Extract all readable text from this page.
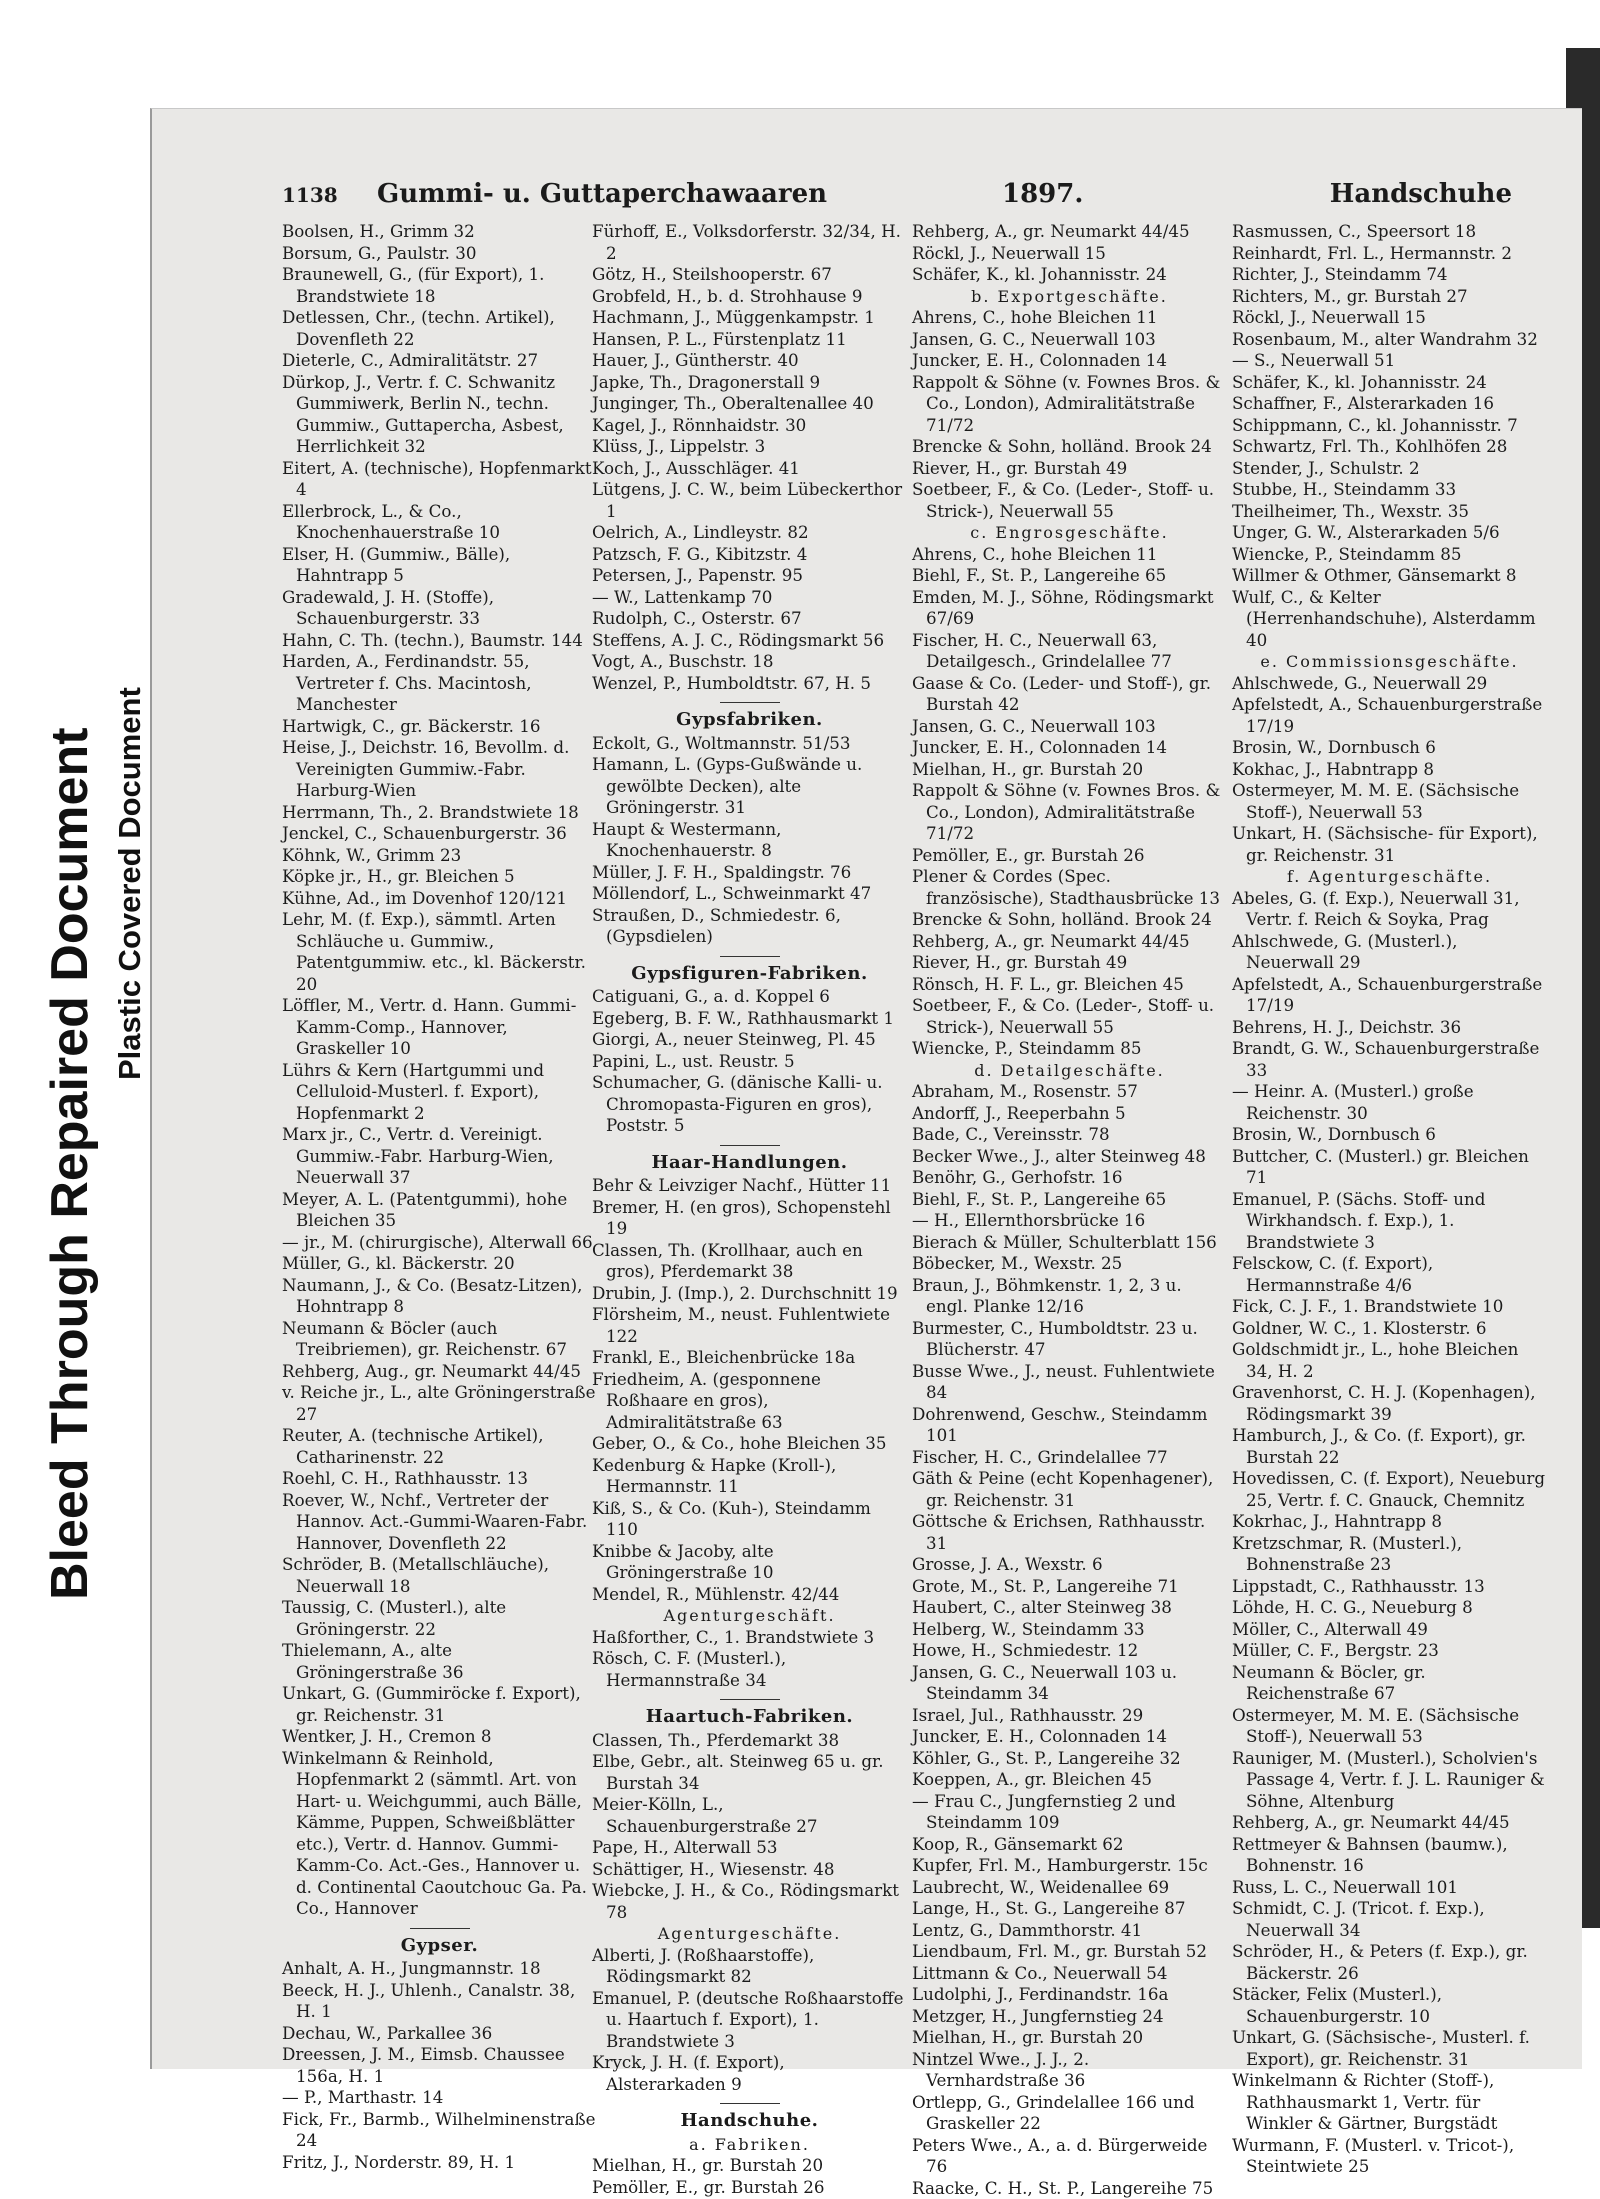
Bleed Through Repaired Document Plastic Covered Document
1138 Gummi- u. Guttaperchawaaren	1897.	Handschuhe
Boolsen, H., Grimm 32
Borsum, G., Paulstr. 30
Braunewell, G., (für Export), 1. Brandstwiete 18
Detlessen, Chr., (techn. Artikel), Dovenfleth 22
Dieterle, C., Admiralitätstr. 27
Dürkop, J., Vertr. f. C. Schwanitz Gummiwerk, Berlin N., techn. Gummiw., Guttapercha, Asbest, Herrlichkeit 32
Eitert, A. (technische), Hopfenmarkt 4
Ellerbrock, L., & Co., Knochenhauerstraße 10
Elser, H. (Gummiw., Bälle), Hahntrapp 5
Gradewald, J. H. (Stoffe), Schauenburgerstr. 33
Hahn, C. Th. (techn.), Baumstr. 144
Harden, A., Ferdinandstr. 55, Vertreter f. Chs. Macintosh, Manchester
Hartwigk, C., gr. Bäckerstr. 16
Heise, J., Deichstr. 16, Bevollm. d. Vereinigten Gummiw.-Fabr. Harburg-Wien
Herrmann, Th., 2. Brandstwiete 18
Jenckel, C., Schauenburgerstr. 36
Köhnk, W., Grimm 23
Köpke jr., H., gr. Bleichen 5
Kühne, Ad., im Dovenhof 120/121
Lehr, M. (f. Exp.), sämmtl. Arten Schläuche u. Gummiw., Patentgummiw. etc., kl. Bäckerstr. 20
Löffler, M., Vertr. d. Hann. Gummi-Kamm-Comp., Hannover, Graskeller 10
Lührs & Kern (Hartgummi und Celluloid-Musterl. f. Export), Hopfenmarkt 2
Marx jr., C., Vertr. d. Vereinigt. Gummiw.-Fabr. Harburg-Wien, Neuerwall 37
Meyer, A. L. (Patentgummi), hohe Bleichen 35
— jr., M. (chirurgische), Alterwall 66
Müller, G., kl. Bäckerstr. 20
Naumann, J., & Co. (Besatz-Litzen), Hohntrapp 8
Neumann & Böcler (auch Treibriemen), gr. Reichenstr. 67
Rehberg, Aug., gr. Neumarkt 44/45
v. Reiche jr., L., alte Gröningerstraße 27
Reuter, A. (technische Artikel), Catharinenstr. 22
Roehl, C. H., Rathhausstr. 13
Roever, W., Nchf., Vertreter der Hannov. Act.-Gummi-Waaren-Fabr. Hannover, Dovenfleth 22
Schröder, B. (Metallschläuche), Neuerwall 18
Taussig, C. (Musterl.), alte Gröningerstr. 22
Thielemann, A., alte Gröningerstraße 36
Unkart, G. (Gummiröcke f. Export), gr. Reichenstr. 31
Wentker, J. H., Cremon 8
Winkelmann & Reinhold, Hopfenmarkt 2 (sämmtl. Art. von Hart- u. Weichgummi, auch Bälle, Kämme, Puppen, Schweißblätter etc.), Vertr. d. Hannov. Gummi-Kamm-Co. Act.-Ges., Hannover u. d. Continental Caoutchouc Ga. Pa. Co., Hannover
Gypser.
Anhalt, A. H., Jungmannstr. 18
Beeck, H. J., Uhlenh., Canalstr. 38, H. 1
Dechau, W., Parkallee 36
Dreessen, J. M., Eimsb. Chaussee 156a, H. 1
— P., Marthastr. 14
Fick, Fr., Barmb., Wilhelminenstraße 24
Fritz, J., Norderstr. 89, H. 1
Fürhoff, E., Volksdorferstr. 32/34, H. 2
Götz, H., Steilshooperstr. 67
Grobfeld, H., b. d. Strohhause 9
Hachmann, J., Müggenkampstr. 1
Hansen, P. L., Fürstenplatz 11
Hauer, J., Güntherstr. 40
Japke, Th., Dragonerstall 9
Junginger, Th., Oberaltenallee 40
Kagel, J., Rönnhaidstr. 30
Klüss, J., Lippelstr. 3
Koch, J., Ausschläger. 41
Lütgens, J. C. W., beim Lübeckerthor 1
Oelrich, A., Lindleystr. 82
Patzsch, F. G., Kibitzstr. 4
Petersen, J., Papenstr. 95
— W., Lattenkamp 70
Rudolph, C., Osterstr. 67
Steffens, A. J. C., Rödingsmarkt 56
Vogt, A., Buschstr. 18
Wenzel, P., Humboldtstr. 67, H. 5
Gypsfabriken.
Eckolt, G., Woltmannstr. 51/53
Hamann, L. (Gyps-Gußwände u. gewölbte Decken), alte Gröningerstr. 31
Haupt & Westermann, Knochenhauerstr. 8
Müller, J. F. H., Spaldingstr. 76
Möllendorf, L., Schweinmarkt 47
Straußen, D., Schmiedestr. 6, (Gypsdielen)
Gypsfiguren-Fabriken.
Catiguani, G., a. d. Koppel 6
Egeberg, B. F. W., Rathhausmarkt 1
Giorgi, A., neuer Steinweg, Pl. 45
Papini, L., ust. Reustr. 5
Schumacher, G. (dänische Kalli- u. Chromopasta-Figuren en gros), Poststr. 5
Haar-Handlungen.
Behr & Leivziger Nachf., Hütter 11
Bremer, H. (en gros), Schopenstehl 19
Classen, Th. (Krollhaar, auch en gros), Pferdemarkt 38
Drubin, J. (Imp.), 2. Durchschnitt 19
Flörsheim, M., neust. Fuhlentwiete 122
Frankl, E., Bleichenbrücke 18a
Friedheim, A. (gesponnene Roßhaare en gros), Admiralitätstraße 63
Geber, O., & Co., hohe Bleichen 35
Kedenburg & Hapke (Kroll-), Hermannstr. 11
Kiß, S., & Co. (Kuh-), Steindamm 110
Knibbe & Jacoby, alte Gröningerstraße 10
Mendel, R., Mühlenstr. 42/44
Agenturgeschäft.
Haßforther, C., 1. Brandstwiete 3
Rösch, C. F. (Musterl.), Hermannstraße 34
Haartuch-Fabriken.
Classen, Th., Pferdemarkt 38
Elbe, Gebr., alt. Steinweg 65 u. gr. Burstah 34
Meier-Kölln, L., Schauenburgerstraße 27
Pape, H., Alterwall 53
Schättiger, H., Wiesenstr. 48
Wiebcke, J. H., & Co., Rödingsmarkt 78
Agenturgeschäfte.
Alberti, J. (Roßhaarstoffe), Rödingsmarkt 82
Emanuel, P. (deutsche Roßhaarstoffe u. Haartuch f. Export), 1. Brandstwiete 3
Kryck, J. H. (f. Export), Alsterarkaden 9
Handschuhe.
a. Fabriken.
Mielhan, H., gr. Burstah 20
Pemöller, E., gr. Burstah 26
Rehberg, A., gr. Neumarkt 44/45
Röckl, J., Neuerwall 15
Schäfer, K., kl. Johannisstr. 24
b. Exportgeschäfte.
Ahrens, C., hohe Bleichen 11
Jansen, G. C., Neuerwall 103
Juncker, E. H., Colonnaden 14
Rappolt & Söhne (v. Fownes Bros. & Co., London), Admiralitätstraße 71/72
Brencke & Sohn, holländ. Brook 24
Riever, H., gr. Burstah 49
Soetbeer, F., & Co. (Leder-, Stoff- u. Strick-), Neuerwall 55
c. Engrosgeschäfte.
Ahrens, C., hohe Bleichen 11
Biehl, F., St. P., Langereihe 65
Emden, M. J., Söhne, Rödingsmarkt 67/69
Fischer, H. C., Neuerwall 63, Detailgesch., Grindelallee 77
Gaase & Co. (Leder- und Stoff-), gr. Burstah 42
Jansen, G. C., Neuerwall 103
Juncker, E. H., Colonnaden 14
Mielhan, H., gr. Burstah 20
Rappolt & Söhne (v. Fownes Bros. & Co., London), Admiralitätstraße 71/72
Pemöller, E., gr. Burstah 26
Plener & Cordes (Spec. französische), Stadthausbrücke 13
Brencke & Sohn, holländ. Brook 24
Rehberg, A., gr. Neumarkt 44/45
Riever, H., gr. Burstah 49
Rönsch, H. F. L., gr. Bleichen 45
Soetbeer, F., & Co. (Leder-, Stoff- u. Strick-), Neuerwall 55
Wiencke, P., Steindamm 85
d. Detailgeschäfte.
Abraham, M., Rosenstr. 57
Andorff, J., Reeperbahn 5
Bade, C., Vereinsstr. 78
Becker Wwe., J., alter Steinweg 48
Benöhr, G., Gerhofstr. 16
Biehl, F., St. P., Langereihe 65
— H., Ellernthorsbrücke 16
Bierach & Müller, Schulterblatt 156
Böbecker, M., Wexstr. 25
Braun, J., Böhmkenstr. 1, 2, 3 u. engl. Planke 12/16
Burmester, C., Humboldtstr. 23 u. Blücherstr. 47
Busse Wwe., J., neust. Fuhlentwiete 84
Dohrenwend, Geschw., Steindamm 101
Fischer, H. C., Grindelallee 77
Gäth & Peine (echt Kopenhagener), gr. Reichenstr. 31
Göttsche & Erichsen, Rathhausstr. 31
Grosse, J. A., Wexstr. 6
Grote, M., St. P., Langereihe 71
Haubert, C., alter Steinweg 38
Helberg, W., Steindamm 33
Howe, H., Schmiedestr. 12
Jansen, G. C., Neuerwall 103 u. Steindamm 34
Israel, Jul., Rathhausstr. 29
Juncker, E. H., Colonnaden 14
Köhler, G., St. P., Langereihe 32
Koeppen, A., gr. Bleichen 45
— Frau C., Jungfernstieg 2 und Steindamm 109
Koop, R., Gänsemarkt 62
Kupfer, Frl. M., Hamburgerstr. 15c
Laubrecht, W., Weidenallee 69
Lange, H., St. G., Langereihe 87
Lentz, G., Dammthorstr. 41
Liendbaum, Frl. M., gr. Burstah 52
Littmann & Co., Neuerwall 54
Ludolphi, J., Ferdinandstr. 16a
Metzger, H., Jungfernstieg 24
Mielhan, H., gr. Burstah 20
Nintzel Wwe., J. J., 2. Vernhardstraße 36
Ortlepp, G., Grindelallee 166 und Graskeller 22
Peters Wwe., A., a. d. Bürgerweide 76
Raacke, C. H., St. P., Langereihe 75
Rasmussen, C., Speersort 18
Reinhardt, Frl. L., Hermannstr. 2
Richter, J., Steindamm 74
Richters, M., gr. Burstah 27
Röckl, J., Neuerwall 15
Rosenbaum, M., alter Wandrahm 32
— S., Neuerwall 51
Schäfer, K., kl. Johannisstr. 24
Schaffner, F., Alsterarkaden 16
Schippmann, C., kl. Johannisstr. 7
Schwartz, Frl. Th., Kohlhöfen 28
Stender, J., Schulstr. 2
Stubbe, H., Steindamm 33
Theilheimer, Th., Wexstr. 35
Unger, G. W., Alsterarkaden 5/6
Wiencke, P., Steindamm 85
Willmer & Othmer, Gänsemarkt 8
Wulf, C., & Kelter (Herrenhandschuhe), Alsterdamm 40
e. Commissionsgeschäfte.
Ahlschwede, G., Neuerwall 29
Apfelstedt, A., Schauenburgerstraße 17/19
Brosin, W., Dornbusch 6
Kokhac, J., Habntrapp 8
Ostermeyer, M. M. E. (Sächsische Stoff-), Neuerwall 53
Unkart, H. (Sächsische- für Export), gr. Reichenstr. 31
f. Agenturgeschäfte.
Abeles, G. (f. Exp.), Neuerwall 31, Vertr. f. Reich & Soyka, Prag
Ahlschwede, G. (Musterl.), Neuerwall 29
Apfelstedt, A., Schauenburgerstraße 17/19
Behrens, H. J., Deichstr. 36
Brandt, G. W., Schauenburgerstraße 33
— Heinr. A. (Musterl.) große Reichenstr. 30
Brosin, W., Dornbusch 6
Buttcher, C. (Musterl.) gr. Bleichen 71
Emanuel, P. (Sächs. Stoff- und Wirkhandsch. f. Exp.), 1. Brandstwiete 3
Felsckow, C. (f. Export), Hermannstraße 4/6
Fick, C. J. F., 1. Brandstwiete 10
Goldner, W. C., 1. Klosterstr. 6
Goldschmidt jr., L., hohe Bleichen 34, H. 2
Gravenhorst, C. H. J. (Kopenhagen), Rödingsmarkt 39
Hamburch, J., & Co. (f. Export), gr. Burstah 22
Hovedissen, C. (f. Export), Neueburg 25, Vertr. f. C. Gnauck, Chemnitz
Kokrhac, J., Hahntrapp 8
Kretzschmar, R. (Musterl.), Bohnenstraße 23
Lippstadt, C., Rathhausstr. 13
Löhde, H. C. G., Neueburg 8
Möller, C., Alterwall 49
Müller, C. F., Bergstr. 23
Neumann & Böcler, gr. Reichenstraße 67
Ostermeyer, M. M. E. (Sächsische Stoff-), Neuerwall 53
Rauniger, M. (Musterl.), Scholvien's Passage 4, Vertr. f. J. L. Rauniger & Söhne, Altenburg
Rehberg, A., gr. Neumarkt 44/45
Rettmeyer & Bahnsen (baumw.), Bohnenstr. 16
Russ, L. C., Neuerwall 101
Schmidt, C. J. (Tricot. f. Exp.), Neuerwall 34
Schröder, H., & Peters (f. Exp.), gr. Bäckerstr. 26
Stäcker, Felix (Musterl.), Schauenburgerstr. 10
Unkart, G. (Sächsische-, Musterl. f. Export), gr. Reichenstr. 31
Winkelmann & Richter (Stoff-), Rathhausmarkt 1, Vertr. für Winkler & Gärtner, Burgstädt
Wurmann, F. (Musterl. v. Tricot-), Steintwiete 25
